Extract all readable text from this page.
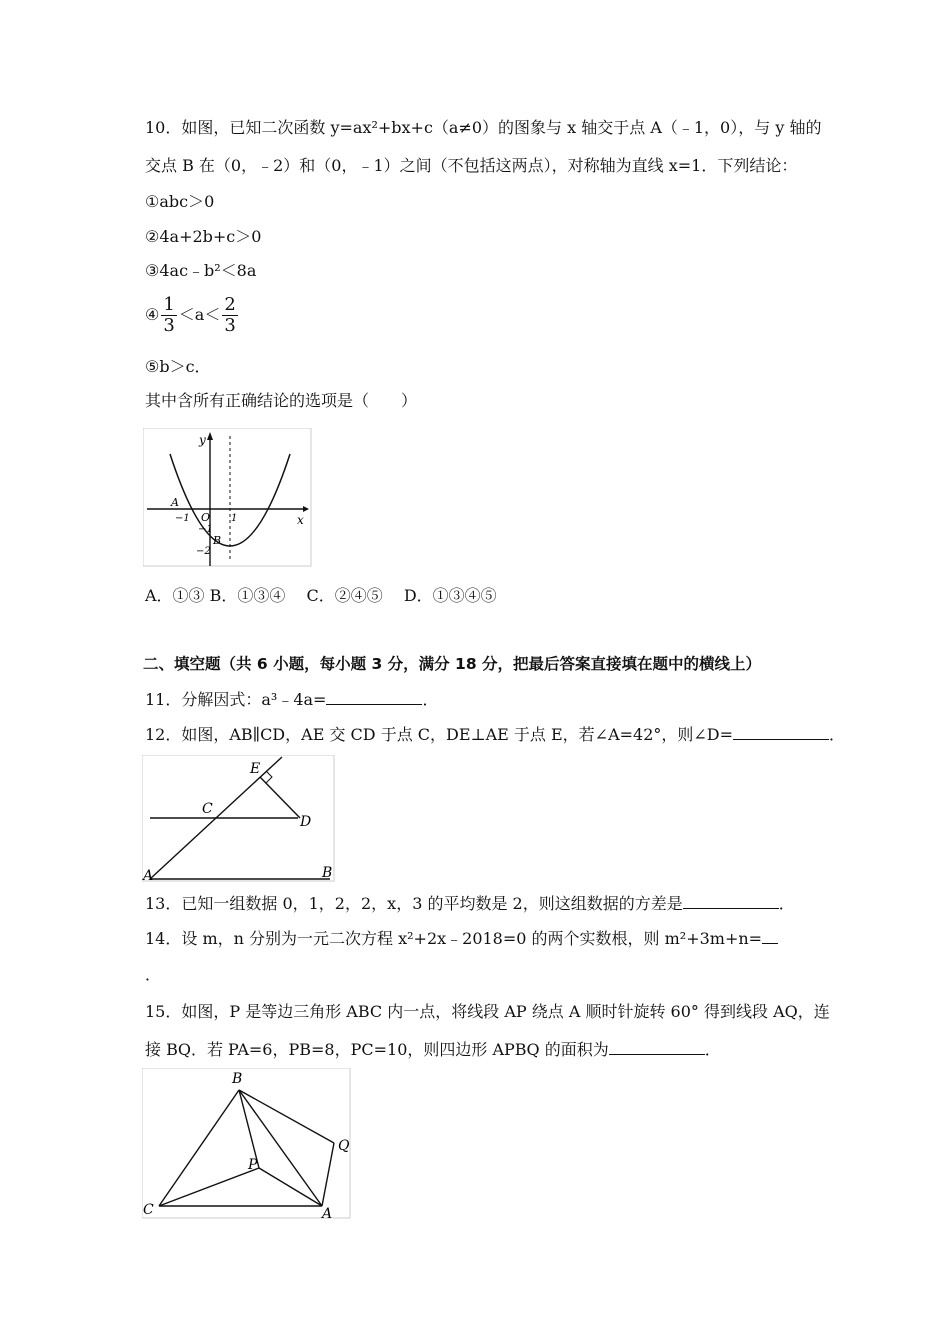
10．如图，已知二次函数 y=ax²+bx+c（a≠0）的图象与 x 轴交于点 A（﹣1，0），与 y 轴的
交点 B 在（0，﹣2）和（0，﹣1）之间（不包括这两点），对称轴为直线 x=1．下列结论：
①abc＞0
②4a+2b+c＞0
③4ac﹣b²＜8a
④ $\frac{1}{3} <a< \frac{2}{3}$
⑤b＞c．
其中含所有正确结论的选项是（　　）
y
x
A
−1 O 1
−1
B
−2
A．①③ B．①③④　 C．②④⑤　 D．①③④⑤
二、填空题（共 6 小题，每小题 3 分，满分 18 分，把最后答案直接填在题中的横线上）
11．分解因式：a³﹣4a=	．
12．如图，AB∥CD，AE 交 CD 于点 C，DE⊥AE 于点 E，若∠A=42°，则∠D=	．
E
C
D
A	B
13．已知一组数据 0，1，2，2，x，3 的平均数是 2，则这组数据的方差是	．
14．设 m，n 分别为一元二次方程 x²+2x﹣2018=0 的两个实数根，则 m²+3m+n=
．
15．如图，P 是等边三角形 ABC 内一点，将线段 AP 绕点 A 顺时针旋转 60° 得到线段 AQ，连
接 BQ．若 PA=6，PB=8，PC=10，则四边形 APBQ 的面积为	．
B
Q
P
C	A
